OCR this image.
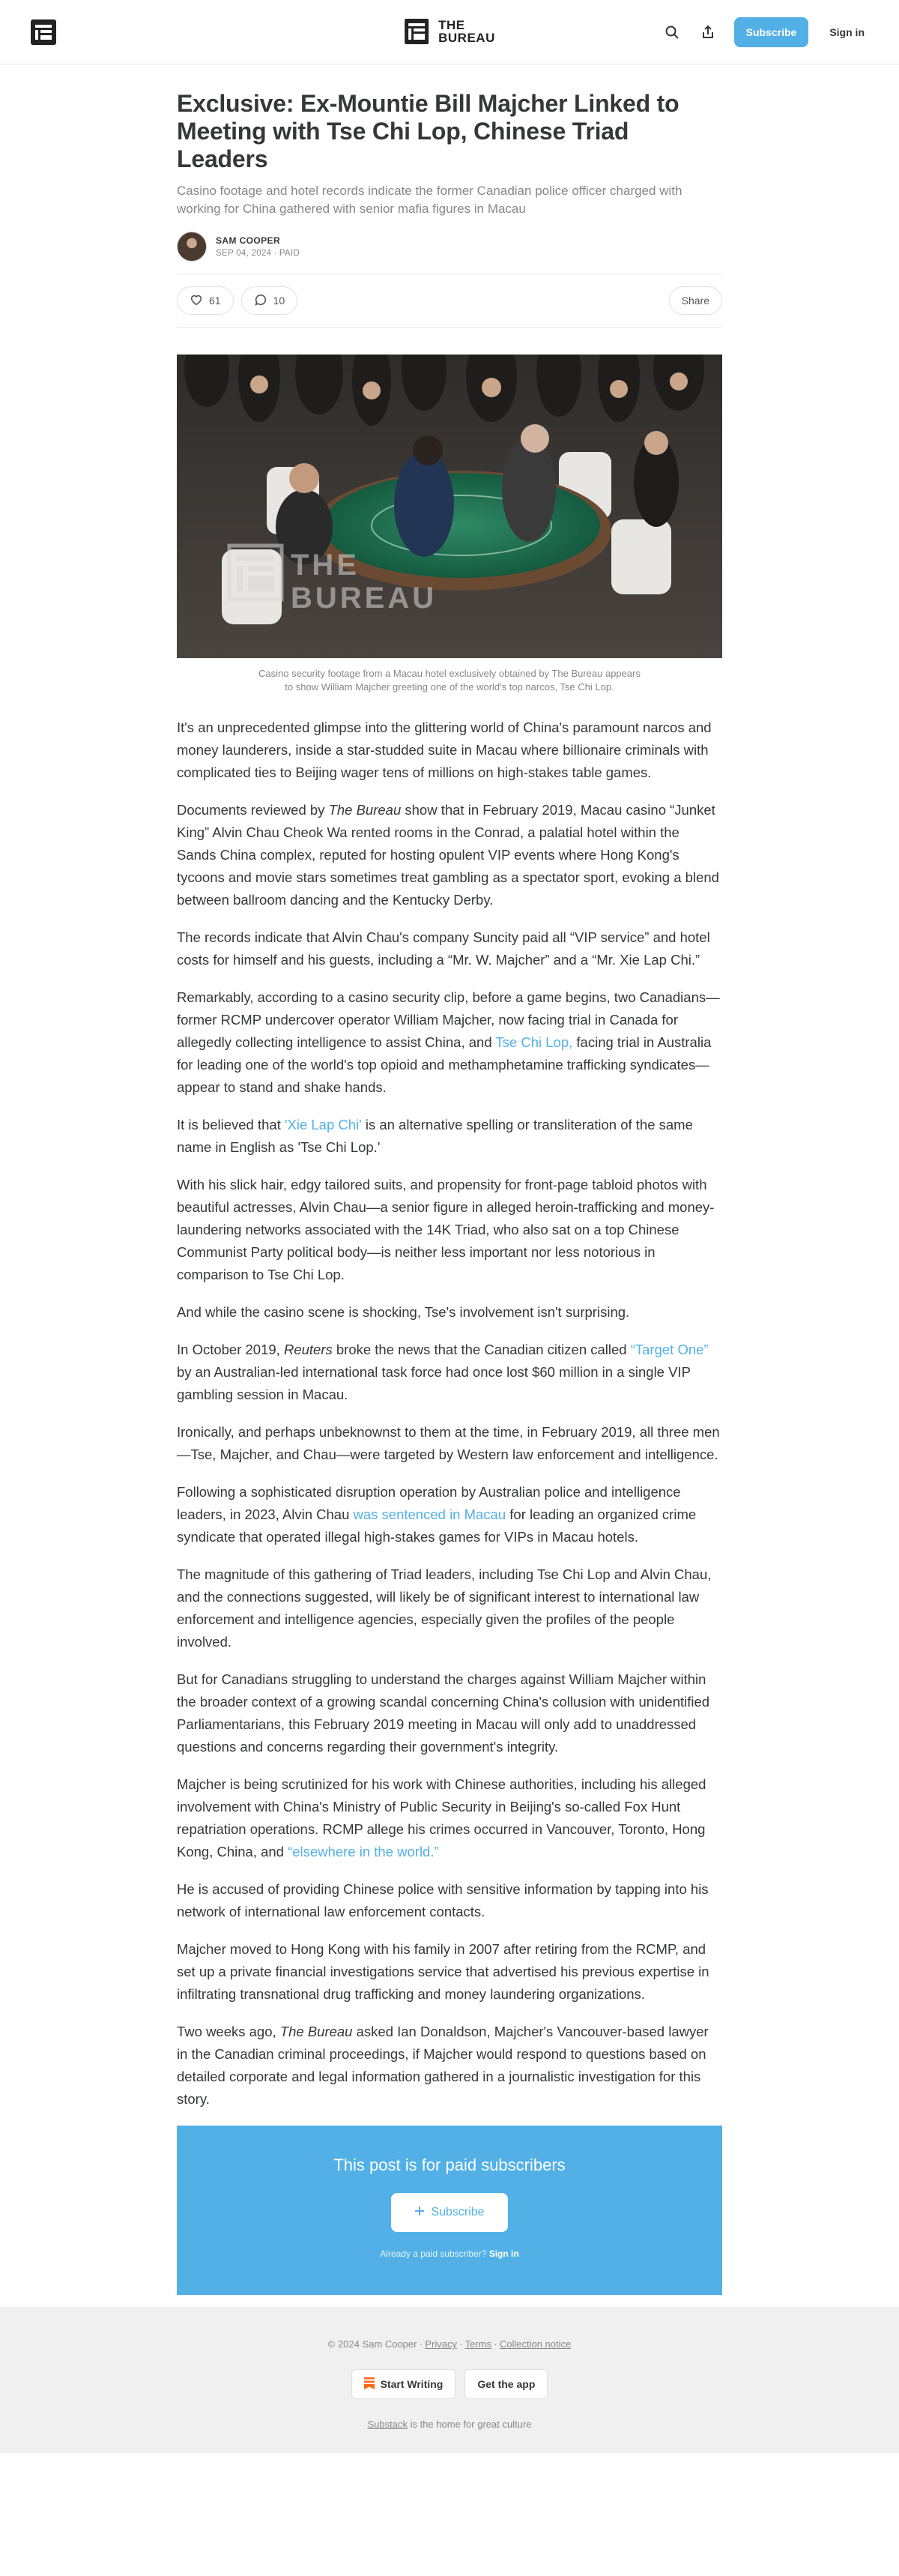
THE
BUREAU	Subscribe	Sign in
Exclusive: Ex-Mountie Bill Majcher Linked to Meeting with Tse Chi Lop, Chinese Triad Leaders

Casino footage and hotel records indicate the former Canadian police officer charged with working for China gathered with senior mafia figures in Macau

SAM COOPER
SEP 04, 2024 ∙ PAID
61	10	Share
THE
BUREAU
Casino security footage from a Macau hotel exclusively obtained by The Bureau appears to show William Majcher greeting one of the world's top narcos, Tse Chi Lop.

It's an unprecedented glimpse into the glittering world of China's paramount narcos and money launderers, inside a star-studded suite in Macau where billionaire criminals with complicated ties to Beijing wager tens of millions on high-stakes table games.

Documents reviewed by The Bureau show that in February 2019, Macau casino “Junket King” Alvin Chau Cheok Wa rented rooms in the Conrad, a palatial hotel within the Sands China complex, reputed for hosting opulent VIP events where Hong Kong's tycoons and movie stars sometimes treat gambling as a spectator sport, evoking a blend between ballroom dancing and the Kentucky Derby.

The records indicate that Alvin Chau's company Suncity paid all “VIP service” and hotel costs for himself and his guests, including a “Mr. W. Majcher” and a “Mr. Xie Lap Chi.”

Remarkably, according to a casino security clip, before a game begins, two Canadians—former RCMP undercover operator William Majcher, now facing trial in Canada for allegedly collecting intelligence to assist China, and Tse Chi Lop, facing trial in Australia for leading one of the world's top opioid and methamphetamine trafficking syndicates—appear to stand and shake hands.

It is believed that 'Xie Lap Chi' is an alternative spelling or transliteration of the same name in English as 'Tse Chi Lop.'

With his slick hair, edgy tailored suits, and propensity for front-page tabloid photos with beautiful actresses, Alvin Chau—a senior figure in alleged heroin-trafficking and money-laundering networks associated with the 14K Triad, who also sat on a top Chinese Communist Party political body—is neither less important nor less notorious in comparison to Tse Chi Lop.

And while the casino scene is shocking, Tse's involvement isn't surprising.

In October 2019, Reuters broke the news that the Canadian citizen called “Target One” by an Australian-led international task force had once lost $60 million in a single VIP gambling session in Macau.

Ironically, and perhaps unbeknownst to them at the time, in February 2019, all three men—Tse, Majcher, and Chau—were targeted by Western law enforcement and intelligence.

Following a sophisticated disruption operation by Australian police and intelligence leaders, in 2023, Alvin Chau was sentenced in Macau for leading an organized crime syndicate that operated illegal high-stakes games for VIPs in Macau hotels.

The magnitude of this gathering of Triad leaders, including Tse Chi Lop and Alvin Chau, and the connections suggested, will likely be of significant interest to international law enforcement and intelligence agencies, especially given the profiles of the people involved.

But for Canadians struggling to understand the charges against William Majcher within the broader context of a growing scandal concerning China's collusion with unidentified Parliamentarians, this February 2019 meeting in Macau will only add to unaddressed questions and concerns regarding their government's integrity.

Majcher is being scrutinized for his work with Chinese authorities, including his alleged involvement with China's Ministry of Public Security in Beijing's so-called Fox Hunt repatriation operations. RCMP allege his crimes occurred in Vancouver, Toronto, Hong Kong, China, and “elsewhere in the world.”

He is accused of providing Chinese police with sensitive information by tapping into his network of international law enforcement contacts.

Majcher moved to Hong Kong with his family in 2007 after retiring from the RCMP, and set up a private financial investigations service that advertised his previous expertise in infiltrating transnational drug trafficking and money laundering organizations.

Two weeks ago, The Bureau asked Ian Donaldson, Majcher's Vancouver-based lawyer in the Canadian criminal proceedings, if Majcher would respond to questions based on detailed corporate and legal information gathered in a journalistic investigation for this story.

This post is for paid subscribers
Subscribe
Already a paid subscriber? Sign in
© 2024 Sam Cooper ∙ Privacy ∙ Terms ∙ Collection notice
Start Writing	Get the app
Substack is the home for great culture
